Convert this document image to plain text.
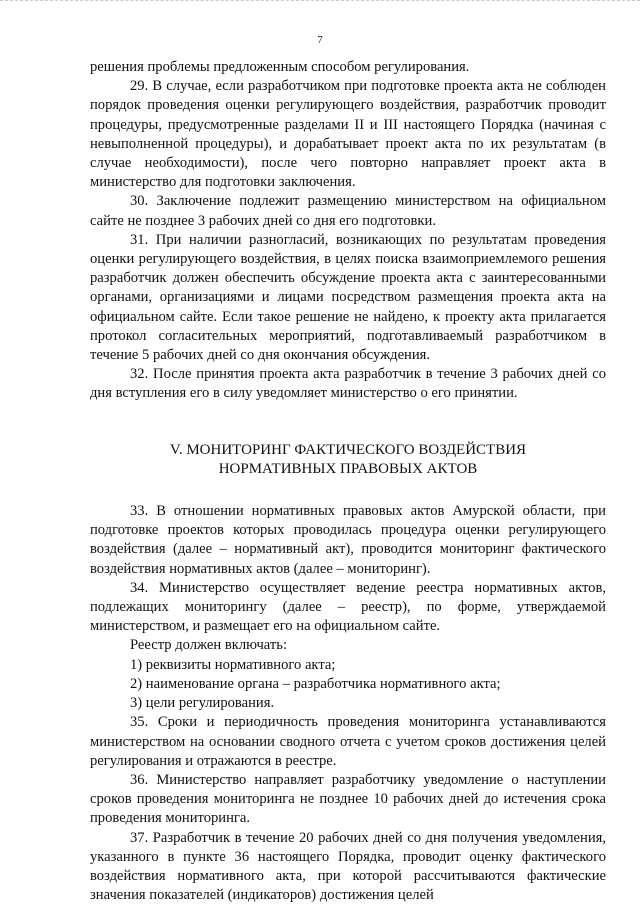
7

решения проблемы предложенным способом регулирования.

29. В случае, если разработчиком при подготовке проекта акта не соблюден порядок проведения оценки регулирующего воздействия, разработчик проводит процедуры, предусмотренные разделами II и III настоящего Порядка (начиная с невыполненной процедуры), и дорабатывает проект акта по их результатам (в случае необходимости), после чего повторно направляет проект акта в министерство для подготовки заключения.

30. Заключение подлежит размещению министерством на официальном сайте не позднее 3 рабочих дней со дня его подготовки.

31. При наличии разногласий, возникающих по результатам проведения оценки регулирующего воздействия, в целях поиска взаимоприемлемого решения разработчик должен обеспечить обсуждение проекта акта с заинтересованными органами, организациями и лицами посредством размещения проекта акта на официальном сайте. Если такое решение не найдено, к проекту акта прилагается протокол согласительных мероприятий, подготавливаемый разработчиком в течение 5 рабочих дней со дня окончания обсуждения.

32. После принятия проекта акта разработчик в течение 3 рабочих дней со дня вступления его в силу уведомляет министерство о его принятии.

V. МОНИТОРИНГ ФАКТИЧЕСКОГО ВОЗДЕЙСТВИЯ
НОРМАТИВНЫХ ПРАВОВЫХ АКТОВ

33. В отношении нормативных правовых актов Амурской области, при подготовке проектов которых проводилась процедура оценки регулирующего воздействия (далее – нормативный акт), проводится мониторинг фактического воздействия нормативных актов (далее – мониторинг).

34. Министерство осуществляет ведение реестра нормативных актов, подлежащих мониторингу (далее – реестр), по форме, утверждаемой министерством, и размещает его на официальном сайте.

Реестр должен включать:

1) реквизиты нормативного акта;

2) наименование органа – разработчика нормативного акта;

3) цели регулирования.

35. Сроки и периодичность проведения мониторинга устанавливаются министерством на основании сводного отчета с учетом сроков достижения целей регулирования и отражаются в реестре.

36. Министерство направляет разработчику уведомление о наступлении сроков проведения мониторинга не позднее 10 рабочих дней до истечения срока проведения мониторинга.

37. Разработчик в течение 20 рабочих дней со дня получения уведомления, указанного в пункте 36 настоящего Порядка, проводит оценку фактического воздействия нормативного акта, при которой рассчитываются фактические значения показателей (индикаторов) достижения целей
